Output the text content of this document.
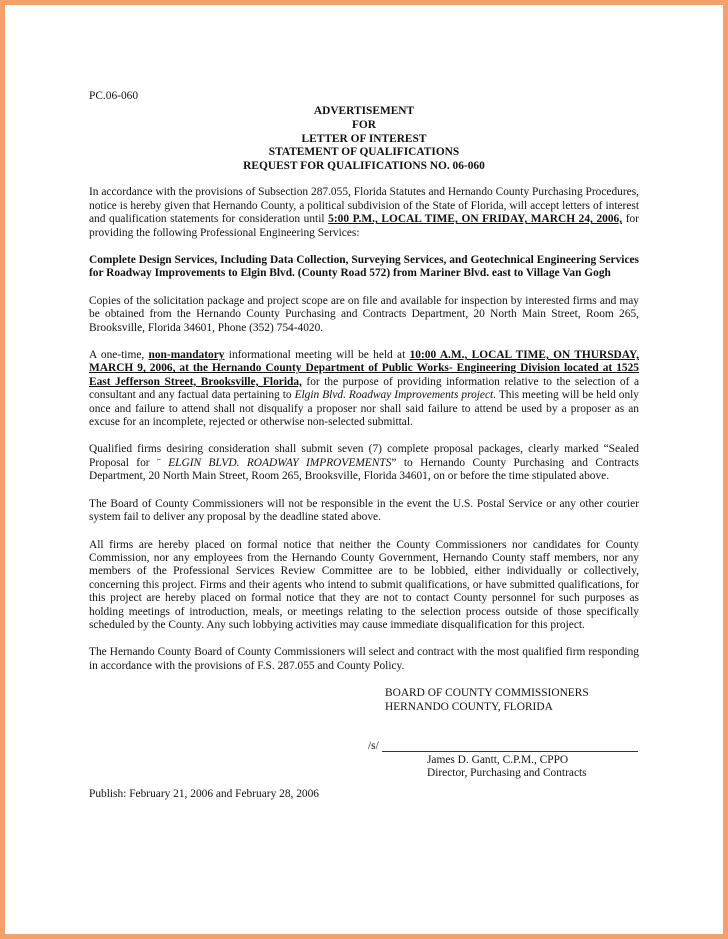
PC.06-060
ADVERTISEMENT
FOR
LETTER OF INTEREST
STATEMENT OF QUALIFICATIONS
REQUEST FOR QUALIFICATIONS NO. 06-060

In accordance with the provisions of Subsection 287.055, Florida Statutes and Hernando County Purchasing Procedures, notice is hereby given that Hernando County, a political subdivision of the State of Florida, will accept letters of interest and qualification statements for consideration until 5:00 P.M., LOCAL TIME, ON FRIDAY, MARCH 24, 2006, for providing the following Professional Engineering Services:

Complete Design Services, Including Data Collection, Surveying Services, and Geotechnical Engineering Services for Roadway Improvements to Elgin Blvd. (County Road 572) from Mariner Blvd. east to Village Van Gogh

Copies of the solicitation package and project scope are on file and available for inspection by interested firms and may be obtained from the Hernando County Purchasing and Contracts Department, 20 North Main Street, Room 265, Brooksville, Florida 34601, Phone (352) 754-4020.

A one-time, non-mandatory informational meeting will be held at 10:00 A.M., LOCAL TIME, ON THURSDAY, MARCH 9, 2006, at the Hernando County Department of Public Works- Engineering Division located at 1525 East Jefferson Street, Brooksville, Florida, for the purpose of providing information relative to the selection of a consultant and any factual data pertaining to Elgin Blvd. Roadway Improvements project. This meeting will be held only once and failure to attend shall not disqualify a proposer nor shall said failure to attend be used by a proposer as an excuse for an incomplete, rejected or otherwise non-selected submittal.

Qualified firms desiring consideration shall submit seven (7) complete proposal packages, clearly marked “Sealed Proposal for ¨ ELGIN BLVD. ROADWAY IMPROVEMENTS” to Hernando County Purchasing and Contracts Department, 20 North Main Street, Room 265, Brooksville, Florida 34601, on or before the time stipulated above.

The Board of County Commissioners will not be responsible in the event the U.S. Postal Service or any other courier system fail to deliver any proposal by the deadline stated above.

All firms are hereby placed on formal notice that neither the County Commissioners nor candidates for County Commission, nor any employees from the Hernando County Government, Hernando County staff members, nor any members of the Professional Services Review Committee are to be lobbied, either individually or collectively, concerning this project. Firms and their agents who intend to submit qualifications, or have submitted qualifications, for this project are hereby placed on formal notice that they are not to contact County personnel for such purposes as holding meetings of introduction, meals, or meetings relating to the selection process outside of those specifically scheduled by the County. Any such lobbying activities may cause immediate disqualification for this project.

The Hernando County Board of County Commissioners will select and contract with the most qualified firm responding in accordance with the provisions of F.S. 287.055 and County Policy.

BOARD OF COUNTY COMMISSIONERS
HERNANDO COUNTY, FLORIDA
/s/
James D. Gantt, C.P.M., CPPO
Director, Purchasing and Contracts
Publish: February 21, 2006 and February 28, 2006
